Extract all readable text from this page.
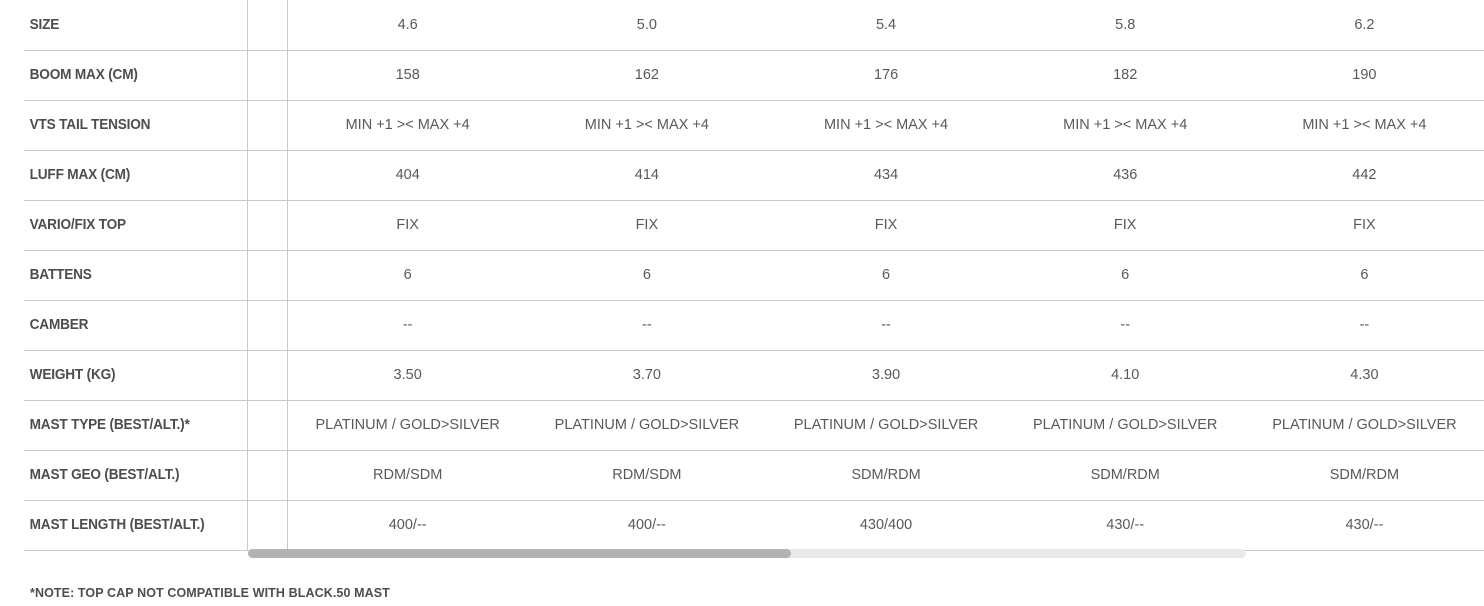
SIZE	4.6	5.0	5.4	5.8	6.2
BOOM MAX (CM)	158	162	176	182	190
VTS TAIL TENSION	MIN +1 >< MAX +4	MIN +1 >< MAX +4	MIN +1 >< MAX +4	MIN +1 >< MAX +4	MIN +1 >< MAX +4
LUFF MAX (CM)	404	414	434	436	442
VARIO/FIX TOP	FIX	FIX	FIX	FIX	FIX
BATTENS	6	6	6	6	6
CAMBER	--	--	--	--	--
WEIGHT (KG)	3.50	3.70	3.90	4.10	4.30
MAST TYPE (BEST/ALT.)*	PLATINUM / GOLD>SILVER	PLATINUM / GOLD>SILVER	PLATINUM / GOLD>SILVER	PLATINUM / GOLD>SILVER	PLATINUM / GOLD>SILVER
MAST GEO (BEST/ALT.)	RDM/SDM	RDM/SDM	SDM/RDM	SDM/RDM	SDM/RDM
MAST LENGTH (BEST/ALT.)	400/--	400/--	430/400	430/--	430/--
*NOTE: TOP CAP NOT COMPATIBLE WITH BLACK.50 MAST
